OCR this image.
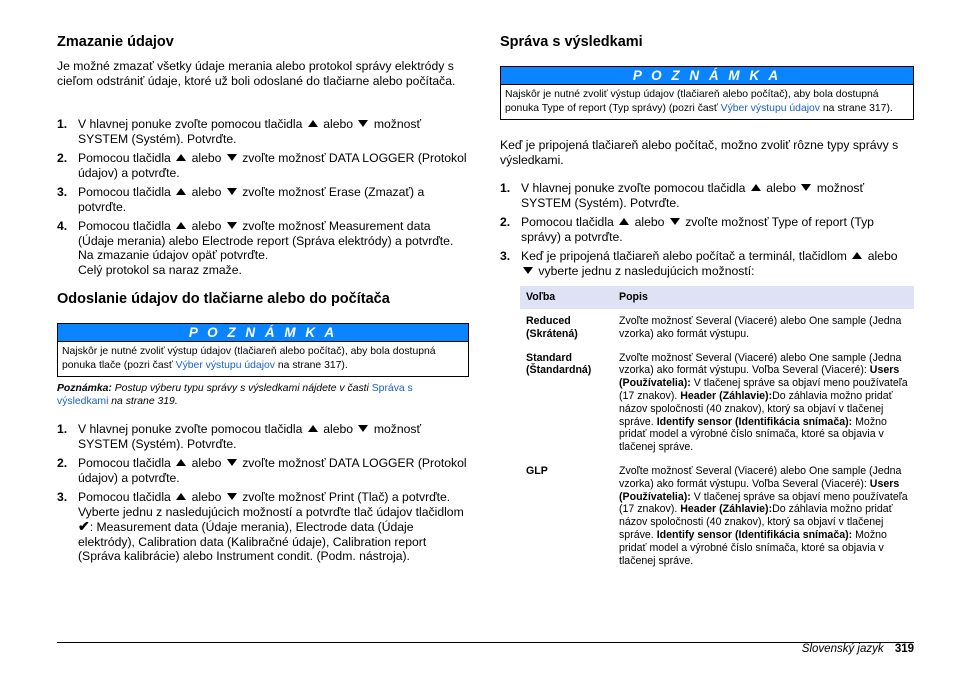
Zmazanie údajov

Je možné zmazať všetky údaje merania alebo protokol správy elektródy s cieľom odstrániť údaje, ktoré už boli odoslané do tlačiarne alebo počítača.

1. V hlavnej ponuke zvoľte pomocou tlačidla alebo možnosť SYSTEM (Systém). Potvrďte.
2. Pomocou tlačidla alebo zvoľte možnosť DATA LOGGER (Protokol údajov) a potvrďte.
3. Pomocou tlačidla alebo zvoľte možnosť Erase (Zmazať) a potvrďte.
4. Pomocou tlačidla alebo zvoľte možnosť Measurement data (Údaje merania) alebo Electrode report (Správa elektródy) a potvrďte. Na zmazanie údajov opäť potvrďte.
Celý protokol sa naraz zmaže.
Odoslanie údajov do tlačiarne alebo do počítača
P O Z N Á M K A
Najskôr je nutné zvoliť výstup údajov (tlačiareň alebo počítač), aby bola dostupná ponuka tlače (pozri časť Výber výstupu údajov na strane 317).
Poznámka: Postup výberu typu správy s výsledkami nájdete v časti Správa s výsledkami na strane 319.
1. V hlavnej ponuke zvoľte pomocou tlačidla alebo možnosť SYSTEM (Systém). Potvrďte.
2. Pomocou tlačidla alebo zvoľte možnosť DATA LOGGER (Protokol údajov) a potvrďte.
3. Pomocou tlačidla alebo zvoľte možnosť Print (Tlač) a potvrďte. Vyberte jednu z nasledujúcich možností a potvrďte tlač údajov tlačidlom ✔: Measurement data (Údaje merania), Electrode data (Údaje elektródy), Calibration data (Kalibračné údaje), Calibration report (Správa kalibrácie) alebo Instrument condit. (Podm. nástroja).
Správa s výsledkami
P O Z N Á M K A
Najskôr je nutné zvoliť výstup údajov (tlačiareň alebo počítač), aby bola dostupná ponuka Type of report (Typ správy) (pozri časť Výber výstupu údajov na strane 317).

Keď je pripojená tlačiareň alebo počítač, možno zvoliť rôzne typy správy s výsledkami.

1. V hlavnej ponuke zvoľte pomocou tlačidla alebo možnosť SYSTEM (Systém). Potvrďte.
2. Pomocou tlačidla alebo zvoľte možnosť Type of report (Typ správy) a potvrďte.
3. Keď je pripojená tlačiareň alebo počítač a terminál, tlačidlom alebo  vyberte jednu z nasledujúcich možností:
Voľba	Popis
Reduced (Skrátená)	Zvoľte možnosť Several (Viaceré) alebo One sample (Jedna vzorka) ako formát výstupu.
Standard (Štandardná)	Zvoľte možnosť Several (Viaceré) alebo One sample (Jedna vzorka) ako formát výstupu. Voľba Several (Viaceré): Users (Používatelia): V tlačenej správe sa objaví meno používateľa (17 znakov). Header (Záhlavie):Do záhlavia možno pridať názov spoločnosti (40 znakov), ktorý sa objaví v tlačenej správe. Identify sensor (Identifikácia snímača): Možno pridať model a výrobné číslo snímača, ktoré sa objavia v tlačenej správe.
GLP	Zvoľte možnosť Several (Viaceré) alebo One sample (Jedna vzorka) ako formát výstupu. Voľba Several (Viaceré): Users (Používatelia): V tlačenej správe sa objaví meno používateľa (17 znakov). Header (Záhlavie):Do záhlavia možno pridať názov spoločnosti (40 znakov), ktorý sa objaví v tlačenej správe. Identify sensor (Identifikácia snímača): Možno pridať model a výrobné číslo snímača, ktoré sa objavia v tlačenej správe.
Slovenský jazyk 319
